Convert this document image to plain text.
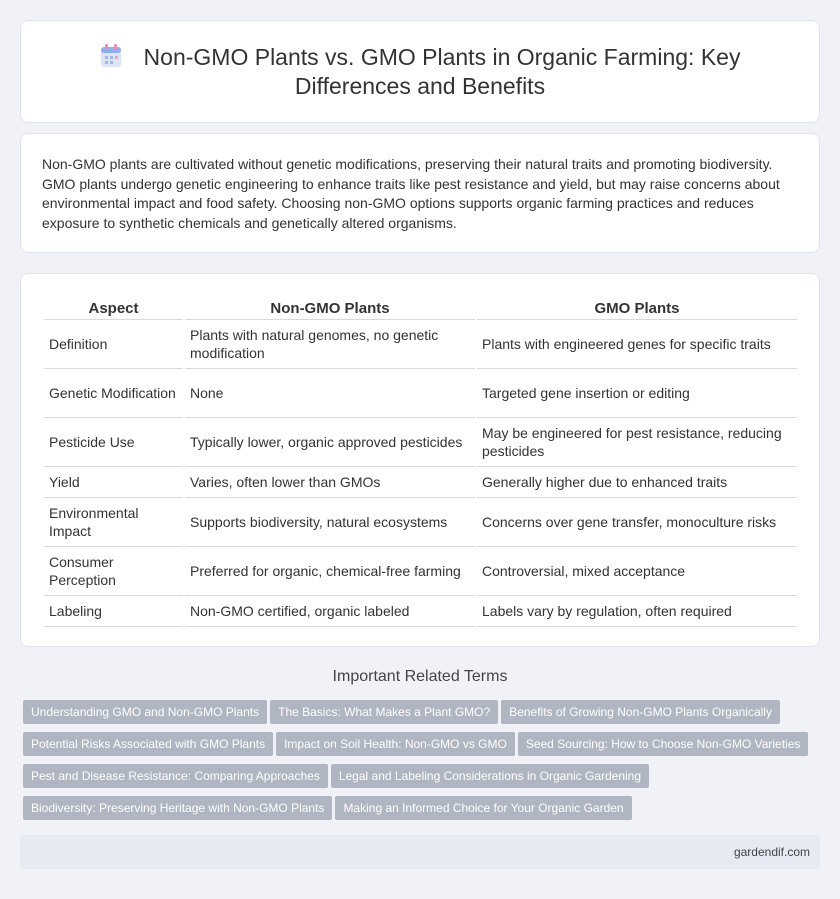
Non-GMO Plants vs. GMO Plants in Organic Farming: Key
Differences and Benefits

Non-GMO plants are cultivated without genetic modifications, preserving their natural traits and promoting biodiversity. GMO plants undergo genetic engineering to enhance traits like pest resistance and yield, but may raise concerns about environmental impact and food safety. Choosing non-GMO options supports organic farming practices and reduces exposure to synthetic chemicals and genetically altered organisms.

Aspect	Non-GMO Plants	GMO Plants
Definition	Plants with natural genomes, no genetic modification	Plants with engineered genes for specific traits
Genetic Modification	None	Targeted gene insertion or editing
Pesticide Use	Typically lower, organic approved pesticides	May be engineered for pest resistance, reducing pesticides
Yield	Varies, often lower than GMOs	Generally higher due to enhanced traits
Environmental Impact	Supports biodiversity, natural ecosystems	Concerns over gene transfer, monoculture risks
Consumer Perception	Preferred for organic, chemical-free farming	Controversial, mixed acceptance
Labeling	Non-GMO certified, organic labeled	Labels vary by regulation, often required
Important Related Terms
Understanding GMO and Non-GMO Plants The Basics: What Makes a Plant GMO? Benefits of Growing Non-GMO Plants Organically
Potential Risks Associated with GMO Plants Impact on Soil Health: Non-GMO vs GMO Seed Sourcing: How to Choose Non-GMO Varieties
Pest and Disease Resistance: Comparing Approaches Legal and Labeling Considerations in Organic Gardening
Biodiversity: Preserving Heritage with Non-GMO Plants Making an Informed Choice for Your Organic Garden
gardendif.com
